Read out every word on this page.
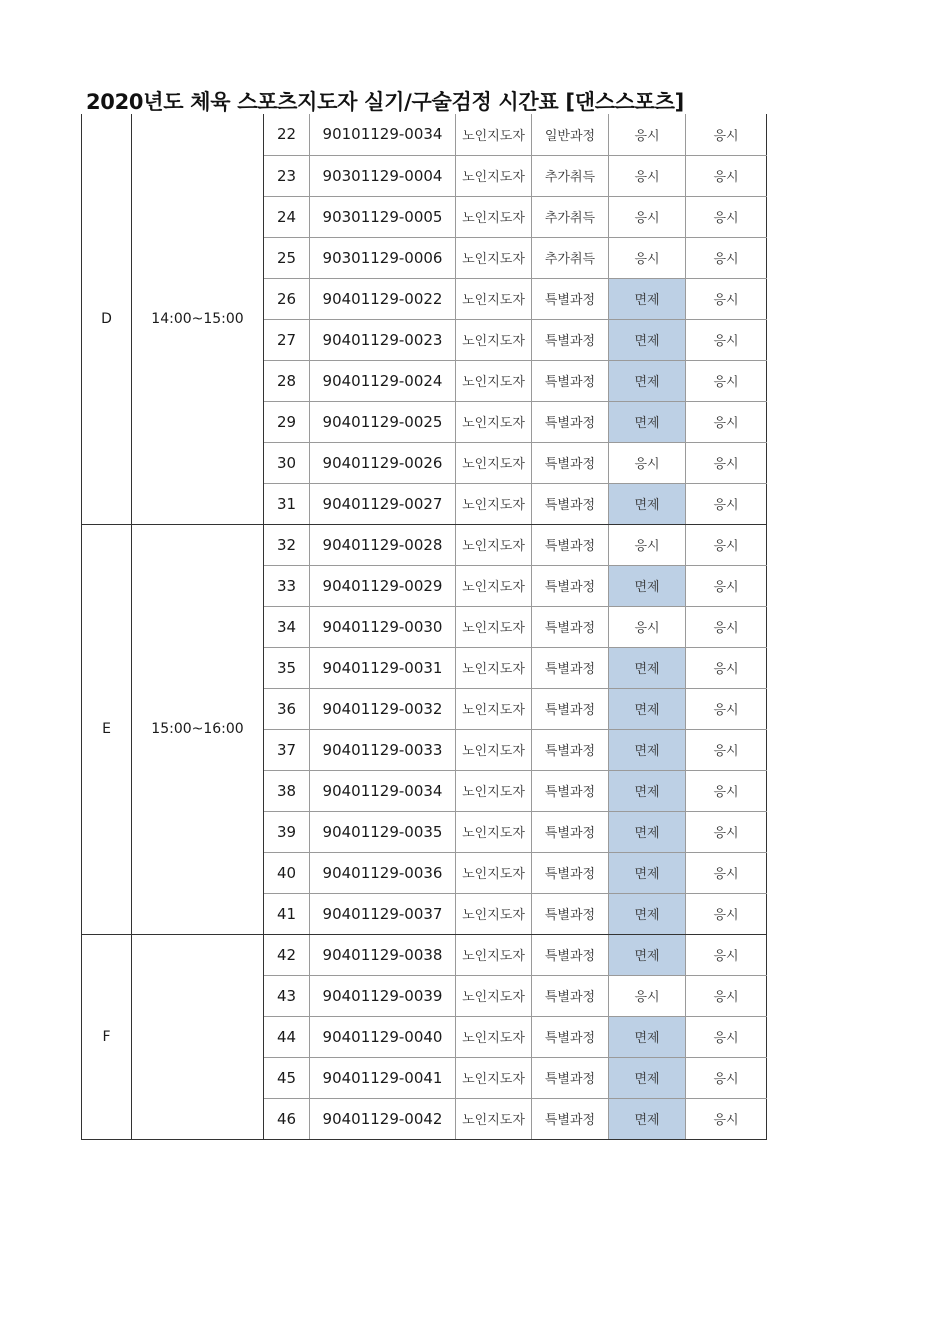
2020년도 체육 스포츠지도자 실기/구술검정 시간표 [댄스스포츠]
D	14:00~15:00	22	90101129-0034	노인지도자	일반과정	응시	응시
		23	90301129-0004	노인지도자	추가취득	응시	응시
		24	90301129-0005	노인지도자	추가취득	응시	응시
		25	90301129-0006	노인지도자	추가취득	응시	응시
		26	90401129-0022	노인지도자	특별과정	면제	응시
		27	90401129-0023	노인지도자	특별과정	면제	응시
		28	90401129-0024	노인지도자	특별과정	면제	응시
		29	90401129-0025	노인지도자	특별과정	면제	응시
		30	90401129-0026	노인지도자	특별과정	응시	응시
		31	90401129-0027	노인지도자	특별과정	면제	응시
E	15:00~16:00	32	90401129-0028	노인지도자	특별과정	응시	응시
		33	90401129-0029	노인지도자	특별과정	면제	응시
		34	90401129-0030	노인지도자	특별과정	응시	응시
		35	90401129-0031	노인지도자	특별과정	면제	응시
		36	90401129-0032	노인지도자	특별과정	면제	응시
		37	90401129-0033	노인지도자	특별과정	면제	응시
		38	90401129-0034	노인지도자	특별과정	면제	응시
		39	90401129-0035	노인지도자	특별과정	면제	응시
		40	90401129-0036	노인지도자	특별과정	면제	응시
		41	90401129-0037	노인지도자	특별과정	면제	응시
F		42	90401129-0038	노인지도자	특별과정	면제	응시
		43	90401129-0039	노인지도자	특별과정	응시	응시
		44	90401129-0040	노인지도자	특별과정	면제	응시
		45	90401129-0041	노인지도자	특별과정	면제	응시
		46	90401129-0042	노인지도자	특별과정	면제	응시
